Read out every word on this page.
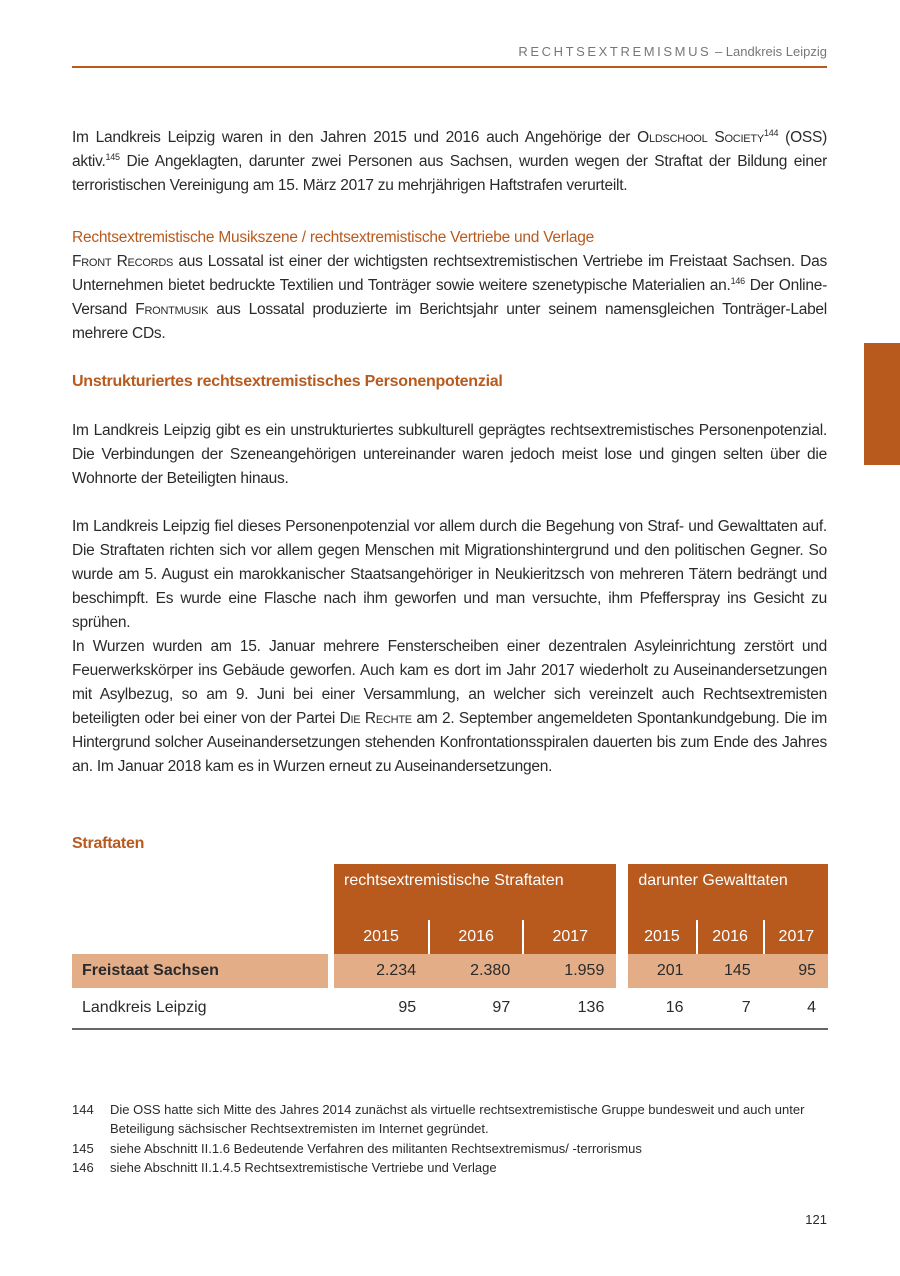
RECHTSEXTREMISMUS – Landkreis Leipzig
Im Landkreis Leipzig waren in den Jahren 2015 und 2016 auch Angehörige der Oldschool Society$^{144}$ (OSS) aktiv.$^{145}$ Die Angeklagten, darunter zwei Personen aus Sachsen, wurden wegen der Straftat der Bildung einer terroristischen Vereinigung am 15. März 2017 zu mehrjährigen Haftstrafen verurteilt.
Rechtsextremistische Musikszene / rechtsextremistische Vertriebe und Verlage
Front Records aus Lossatal ist einer der wichtigsten rechtsextremistischen Vertriebe im Freistaat Sachsen. Das Unternehmen bietet bedruckte Textilien und Tonträger sowie weitere szenetypische Materialien an.$^{146}$ Der Online-Versand Frontmusik aus Lossatal produzierte im Berichtsjahr unter seinem namensgleichen Tonträger-Label mehrere CDs.
Unstrukturiertes rechtsextremistisches Personenpotenzial
Im Landkreis Leipzig gibt es ein unstrukturiertes subkulturell geprägtes rechtsextremistisches Personenpotenzial. Die Verbindungen der Szeneangehörigen untereinander waren jedoch meist lose und gingen selten über die Wohnorte der Beteiligten hinaus.
Im Landkreis Leipzig fiel dieses Personenpotenzial vor allem durch die Begehung von Straf- und Gewalttaten auf. Die Straftaten richten sich vor allem gegen Menschen mit Migrationshintergrund und den politischen Gegner. So wurde am 5. August ein marokkanischer Staatsangehöriger in Neukieritzsch von mehreren Tätern bedrängt und beschimpft. Es wurde eine Flasche nach ihm geworfen und man versuchte, ihm Pfefferspray ins Gesicht zu sprühen.
In Wurzen wurden am 15. Januar mehrere Fensterscheiben einer dezentralen Asyleinrichtung zerstört und Feuerwerkskörper ins Gebäude geworfen. Auch kam es dort im Jahr 2017 wiederholt zu Auseinandersetzungen mit Asylbezug, so am 9. Juni bei einer Versammlung, an welcher sich vereinzelt auch Rechtsextremisten beteiligten oder bei einer von der Partei Die Rechte am 2. September angemeldeten Spontankundgebung. Die im Hintergrund solcher Auseinandersetzungen stehenden Konfrontationsspiralen dauerten bis zum Ende des Jahres an. Im Januar 2018 kam es in Wurzen erneut zu Auseinandersetzungen.
Straftaten
	rechtsextremistische Straftaten				darunter Gewalttaten		
	2015	2016	2017		2015	2016	2017
Freistaat Sachsen	2.234	2.380	1.959		201	145	95
Landkreis Leipzig	95	97	136		16	7	4
144	Die OSS hatte sich Mitte des Jahres 2014 zunächst als virtuelle rechtsextremistische Gruppe bundesweit und auch unter Beteiligung sächsischer Rechtsextremisten im Internet gegründet.
145	siehe Abschnitt II.1.6 Bedeutende Verfahren des militanten Rechtsextremismus/ -terrorismus
146	siehe Abschnitt II.1.4.5 Rechtsextremistische Vertriebe und Verlage
121
